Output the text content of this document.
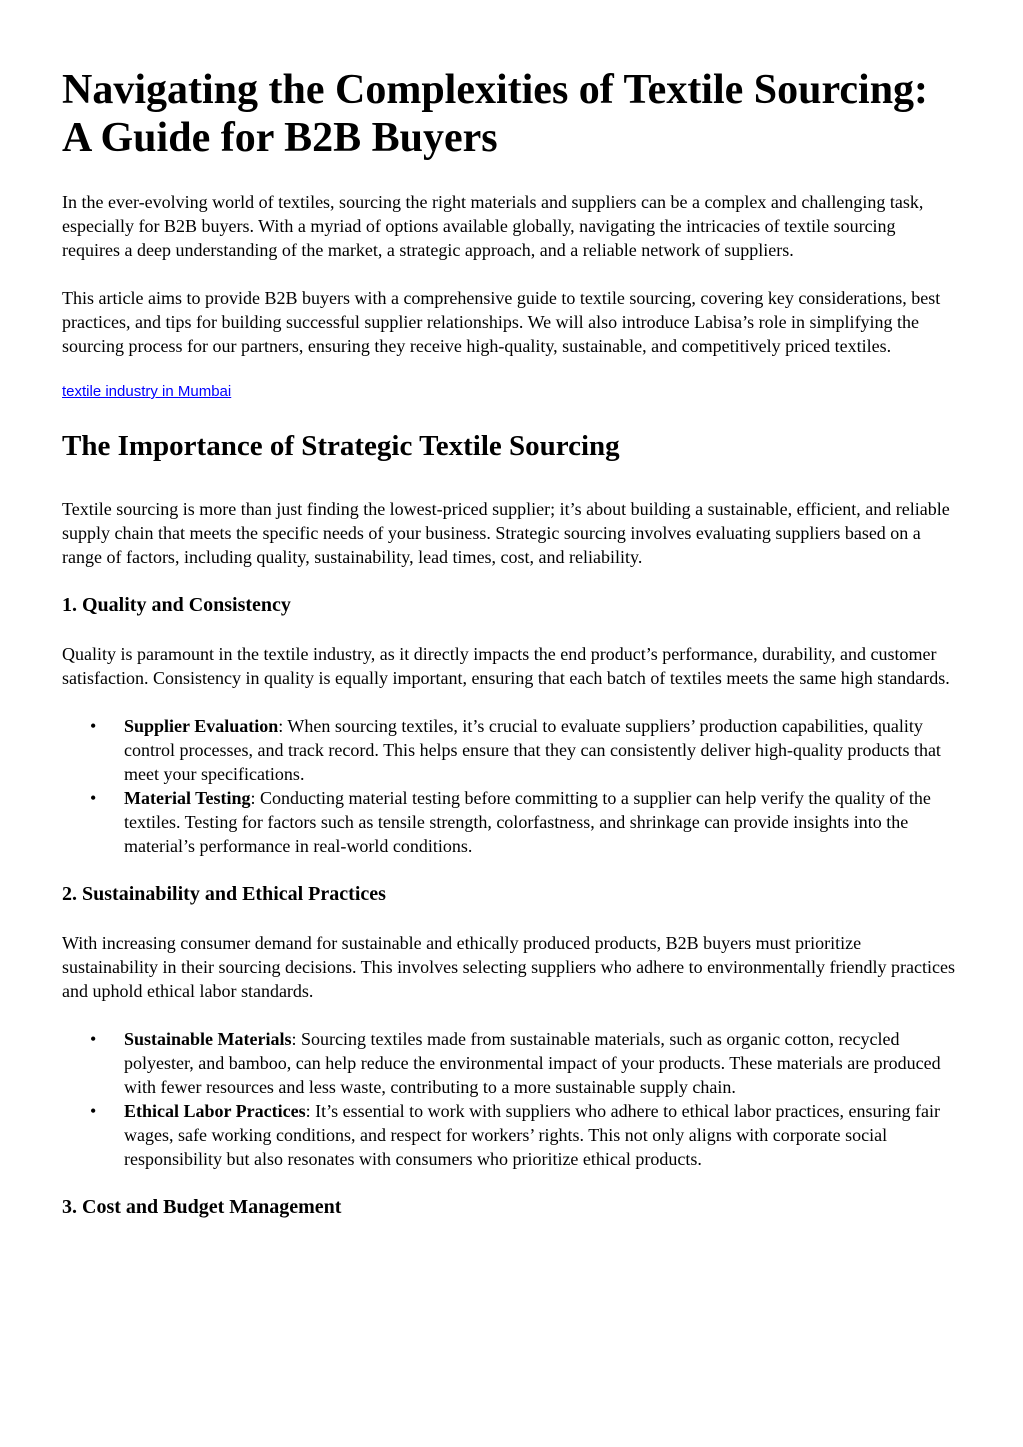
Navigating the Complexities of Textile Sourcing: A Guide for B2B Buyers

In the ever-evolving world of textiles, sourcing the right materials and suppliers can be a complex and challenging task, especially for B2B buyers. With a myriad of options available globally, navigating the intricacies of textile sourcing requires a deep understanding of the market, a strategic approach, and a reliable network of suppliers.

This article aims to provide B2B buyers with a comprehensive guide to textile sourcing, covering key considerations, best practices, and tips for building successful supplier relationships. We will also introduce Labisa’s role in simplifying the sourcing process for our partners, ensuring they receive high-quality, sustainable, and competitively priced textiles.

textile industry in Mumbai
The Importance of Strategic Textile Sourcing

Textile sourcing is more than just finding the lowest-priced supplier; it’s about building a sustainable, efficient, and reliable supply chain that meets the specific needs of your business. Strategic sourcing involves evaluating suppliers based on a range of factors, including quality, sustainability, lead times, cost, and reliability.

1. Quality and Consistency

Quality is paramount in the textile industry, as it directly impacts the end product’s performance, durability, and customer satisfaction. Consistency in quality is equally important, ensuring that each batch of textiles meets the same high standards.

• Supplier Evaluation: When sourcing textiles, it’s crucial to evaluate suppliers’ production capabilities, quality control processes, and track record. This helps ensure that they can consistently deliver high-quality products that meet your specifications.
• Material Testing: Conducting material testing before committing to a supplier can help verify the quality of the textiles. Testing for factors such as tensile strength, colorfastness, and shrinkage can provide insights into the material’s performance in real-world conditions.
2. Sustainability and Ethical Practices

With increasing consumer demand for sustainable and ethically produced products, B2B buyers must prioritize sustainability in their sourcing decisions. This involves selecting suppliers who adhere to environmentally friendly practices and uphold ethical labor standards.

• Sustainable Materials: Sourcing textiles made from sustainable materials, such as organic cotton, recycled polyester, and bamboo, can help reduce the environmental impact of your products. These materials are produced with fewer resources and less waste, contributing to a more sustainable supply chain.
• Ethical Labor Practices: It’s essential to work with suppliers who adhere to ethical labor practices, ensuring fair wages, safe working conditions, and respect for workers’ rights. This not only aligns with corporate social responsibility but also resonates with consumers who prioritize ethical products.
3. Cost and Budget Management
